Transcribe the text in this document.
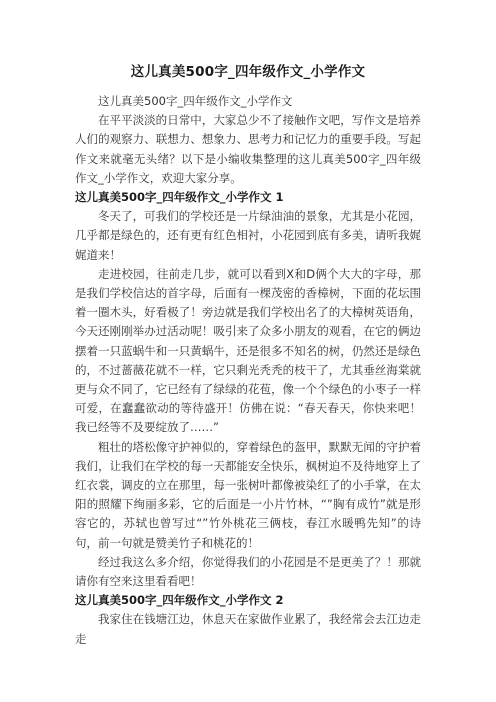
这儿真美500字_四年级作文_小学作文

这儿真美500字_四年级作文_小学作文

在平平淡淡的日常中，大家总少不了接触作文吧，写作文是培养人们的观察力、联想力、想象力、思考力和记忆力的重要手段。写起作文来就毫无头绪？以下是小编收集整理的这儿真美500字_四年级作文_小学作文，欢迎大家分享。

这儿真美500字_四年级作文_小学作文 1

冬天了，可我们的学校还是一片绿油油的景象，尤其是小花园，几乎都是绿色的，还有更有红色相衬，小花园到底有多美，请听我娓娓道来！

走进校园，往前走几步，就可以看到X和D俩个大大的字母，那是我们学校信达的首字母，后面有一棵茂密的香樟树，下面的花坛围着一圈木头，好看极了！旁边就是我们学校出名了的大樟树英语角，今天还刚刚举办过活动呢！吸引来了众多小朋友的观看，在它的俩边摆着一只蓝蜗牛和一只黄蜗牛，还是很多不知名的树，仍然还是绿色的，不过蔷薇花就不一样，它只剩光秃秃的枝干了，尤其垂丝海棠就更与众不同了，它已经有了绿绿的花苞，像一个个绿色的小枣子一样可爱，在蠢蠢欲动的等待盛开！仿佛在说：“春天春天，你快来吧！我已经等不及要绽放了……”

粗壮的塔松像守护神似的，穿着绿色的盔甲，默默无闻的守护着我们，让我们在学校的每一天都能安全快乐，枫树迫不及待地穿上了红衣裳，调皮的立在那里，每一张树叶都像被染红了的小手掌，在太阳的照耀下绚丽多彩，它的后面是一小片竹林，“”胸有成竹”就是形容它的，苏轼也曾写过“”竹外桃花三俩枝，春江水暖鸭先知”的诗句，前一句就是赞美竹子和桃花的！

经过我这么多介绍，你觉得我们的小花园是不是更美了？！那就请你有空来这里看看吧！

这儿真美500字_四年级作文_小学作文 2

我家住在钱塘江边，休息天在家做作业累了，我经常会去江边走走
